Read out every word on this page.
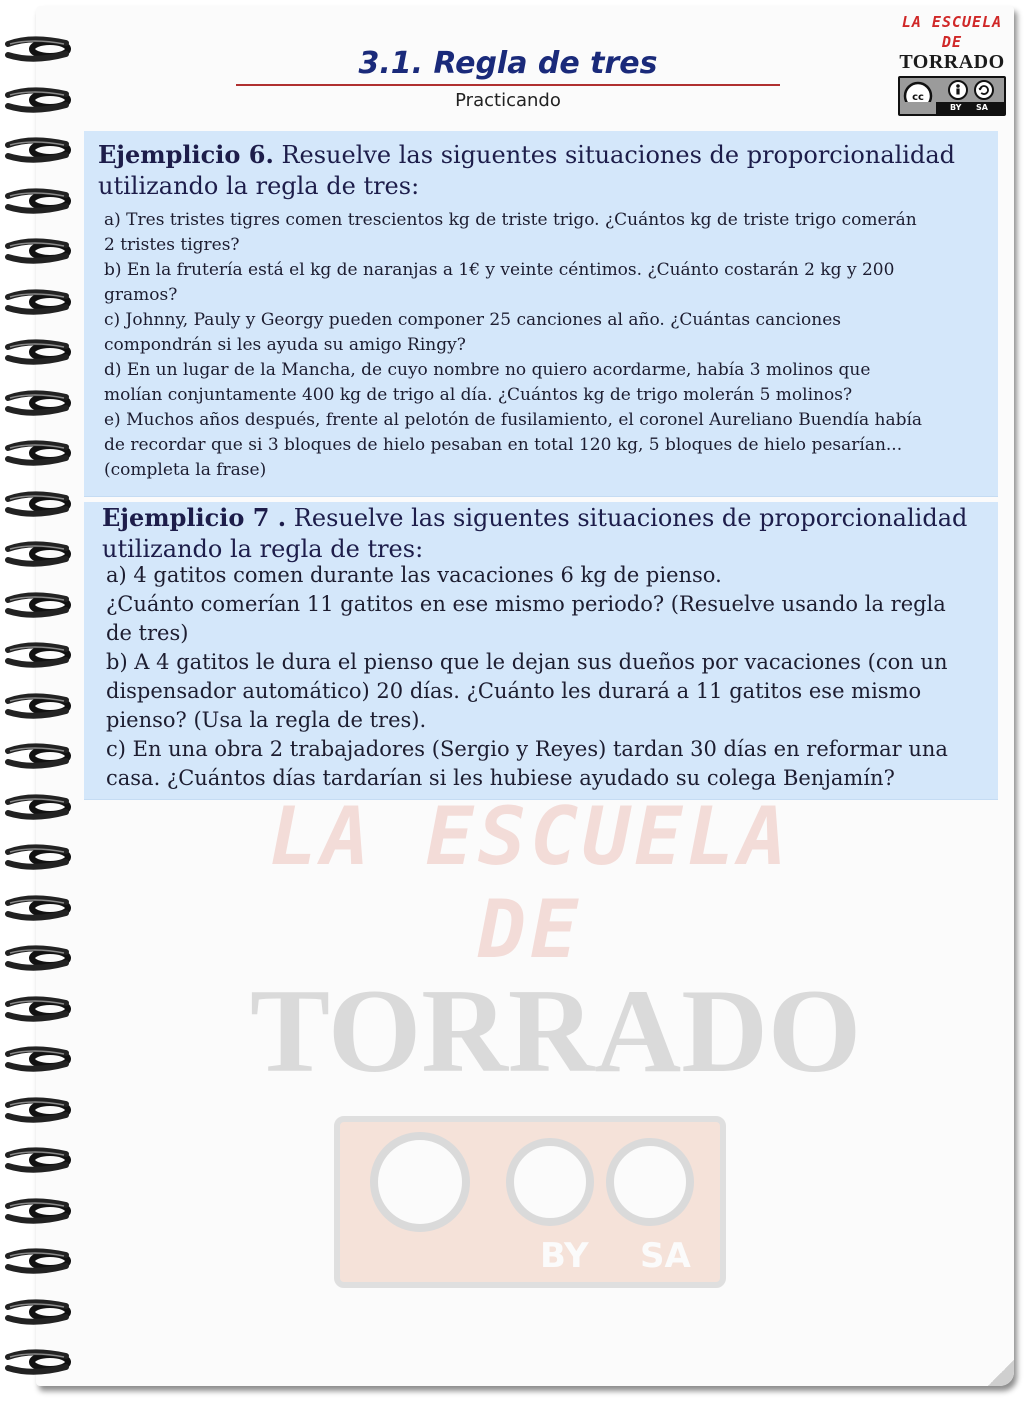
3.1. Regla de tres
Practicando
LA ESCUELA
DE
TORRADO
cc
BY SA

Ejemplicio 6. Resuelve las siguentes situaciones de proporcionalidad utilizando la regla de tres:

a) Tres tristes tigres comen trescientos kg de triste trigo. ¿Cuántos kg de triste trigo comerán 2 tristes tigres?

b) En la frutería está el kg de naranjas a 1€ y veinte céntimos. ¿Cuánto costarán 2 kg y 200 gramos?

c) Johnny, Pauly y Georgy pueden componer 25 canciones al año. ¿Cuántas canciones compondrán si les ayuda su amigo Ringy?

d) En un lugar de la Mancha, de cuyo nombre no quiero acordarme, había 3 molinos que molían conjuntamente 400 kg de trigo al día. ¿Cuántos kg de trigo molerán 5 molinos?

e) Muchos años después, frente al pelotón de fusilamiento, el coronel Aureliano Buendía había de recordar que si 3 bloques de hielo pesaban en total 120 kg, 5 bloques de hielo pesarían... (completa la frase)

Ejemplicio 7 . Resuelve las siguentes situaciones de proporcionalidad utilizando la regla de tres:

a) 4 gatitos comen durante las vacaciones 6 kg de pienso.

¿Cuánto comerían 11 gatitos en ese mismo periodo? (Resuelve usando la regla de tres)

b) A 4 gatitos le dura el pienso que le dejan sus dueños por vacaciones (con un dispensador automático) 20 días. ¿Cuánto les durará a 11 gatitos ese mismo pienso? (Usa la regla de tres).

c) En una obra 2 trabajadores (Sergio y Reyes) tardan 30 días en reformar una casa. ¿Cuántos días tardarían si les hubiese ayudado su colega Benjamín?
